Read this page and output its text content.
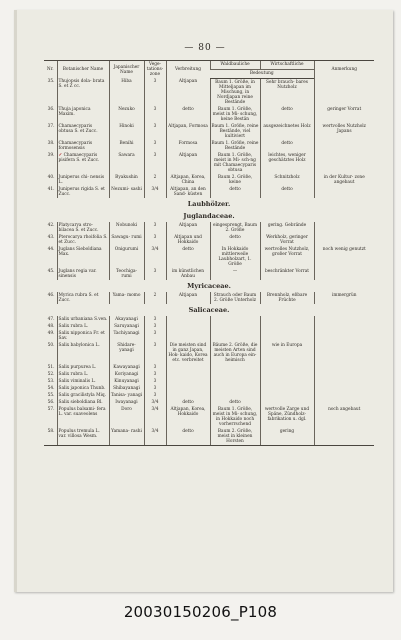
— 80 —
Nr.	Botanischer Name	Japanischer Name	Vege- tations- zone	Verbreitung	Waldbauliche	Wirtschaftliche	Anmerkung
					Bedeutung		
35.	Thujopsis dola- brata S. et Z cc.	Hiba	3	Altjapan	Baum 1. Größe, in Mitteljapan im Mischung, in Nordjapan reine Bestände	Sehr brauch- bares Nutzholz	
36.	Thuja japonica Maxim.	Nezuko	3	detto	Baum 1. Größe, meist in Mi- schung, keine Bestän	detto	geringer Vorrat
37.	Chamaecyparis obtusa S. et Zucc.	Hinoki	3	Altjapan, Formosa	Baum 1. Größe, reine Bestände, viel kultiviert	ausgezeichnetes Holz	wertvolles Nutzholz Japans
38.	Chamaecyparis formosensis	Benihi	3	Formosa	Baum 1. Größe, reine Bestände	detto	
39.	✓ Chamaecyparis pisifera S. et Zucc.	Sawara	3	Altjapan	Baum 1. Größe, meist in Mi- sch-ng mit Chamaecyparis obtusa	leichtes, weniger geschätztes Holz	
40.	Juniperus chi- nensis L.	Byakushin	2	Altjapan, Korea, China	Baum 2. Größe, keine	Schnitzholz	in der Kultur- zone angebaut
41.	Juniperus rigida S. et Zucc.	Nezumi- sashi	3/4	Altjapan, an den Sand- küsten	detto	detto	
Laubhölzer.							
Juglandaceae.							
42.	Platycarya stro- bilacea S. et Zucc.	Nobunoki	3	Altjapan	eingesprengt, Baum 2. Größe	gering. Gebrände	
43.	Pterocarya rhoifolia S. et Zucc.	Sawagu- rumi	3	Altjapan und Hokkaido	detto	Werkholz, geringer Vorrat	
44.	Juglans Sieboldiana Max.	Onigurumi	3/4	detto	In Hokkaido mittlerweile Laubholzart, 1. Größe	wertvolles Nutzholz, großer Vorrat	noch wenig genutzt
45.	Juglans regia var. sinensis	Teochiga- rumi	3	im künstlichen Anbau	—	beschränkter Vorrat	
Myricaceae.							
46.	Myrica rubra S. et Zucc.	Yama- momo	2	Altjapan	Strauch oder Baum 2. Größe Unterholz	Brennholz, eßbare Früchte	immergrün
Salicaceae.							
47.	Salix urbaniana S.ven.	Akayanagi	3				
48.	Salix rubra L.	Saruyanagi	3				
49.	Salix nipponica Fr. et Sav.	Tachiyanagi	3				
50.	Salix babylonica L.	Shidare- yanagi	3	Die meisten sind in ganz Japan, Hok- kaido, Korea etc. verbreitet	Bäume 2. Größe, die meisten Arten sind auch in Europa ein- heimisch	wie in Europa	
51.	Salix purpurea L.	Kawayanagi	3				
52.	Salix rubra L.	Koriyanagi	3				
53.	Salix viminalis L.	Kinuyanagi	3				
54.	Salix japonica Thunb.	Shibayanagi	3				
55.	Salix gracilistyla Miq.	Tanisa- yanagi	3				
56.	Salix sieboldiana Bl.	Iwayanagi	3/4	detto	detto		
57.	Populus balsami- fera L. var. suaveolens	Doro	3/4	Altjapan, Korea, Hokkaido	Baum 1. Größe, meist in Mi- schung, in Hokkaido noch vorherrschend	wertvolle Zarge und Späne, Zündholz- fabrikation u. dgl.	noch angebaut
58.	Populus tremula L. var. villosa Wesm.	Yamana- rashi	3/4	detto	Baum 2. Größe, meist in kleinen Horsten	gering	
20030150206_P108
